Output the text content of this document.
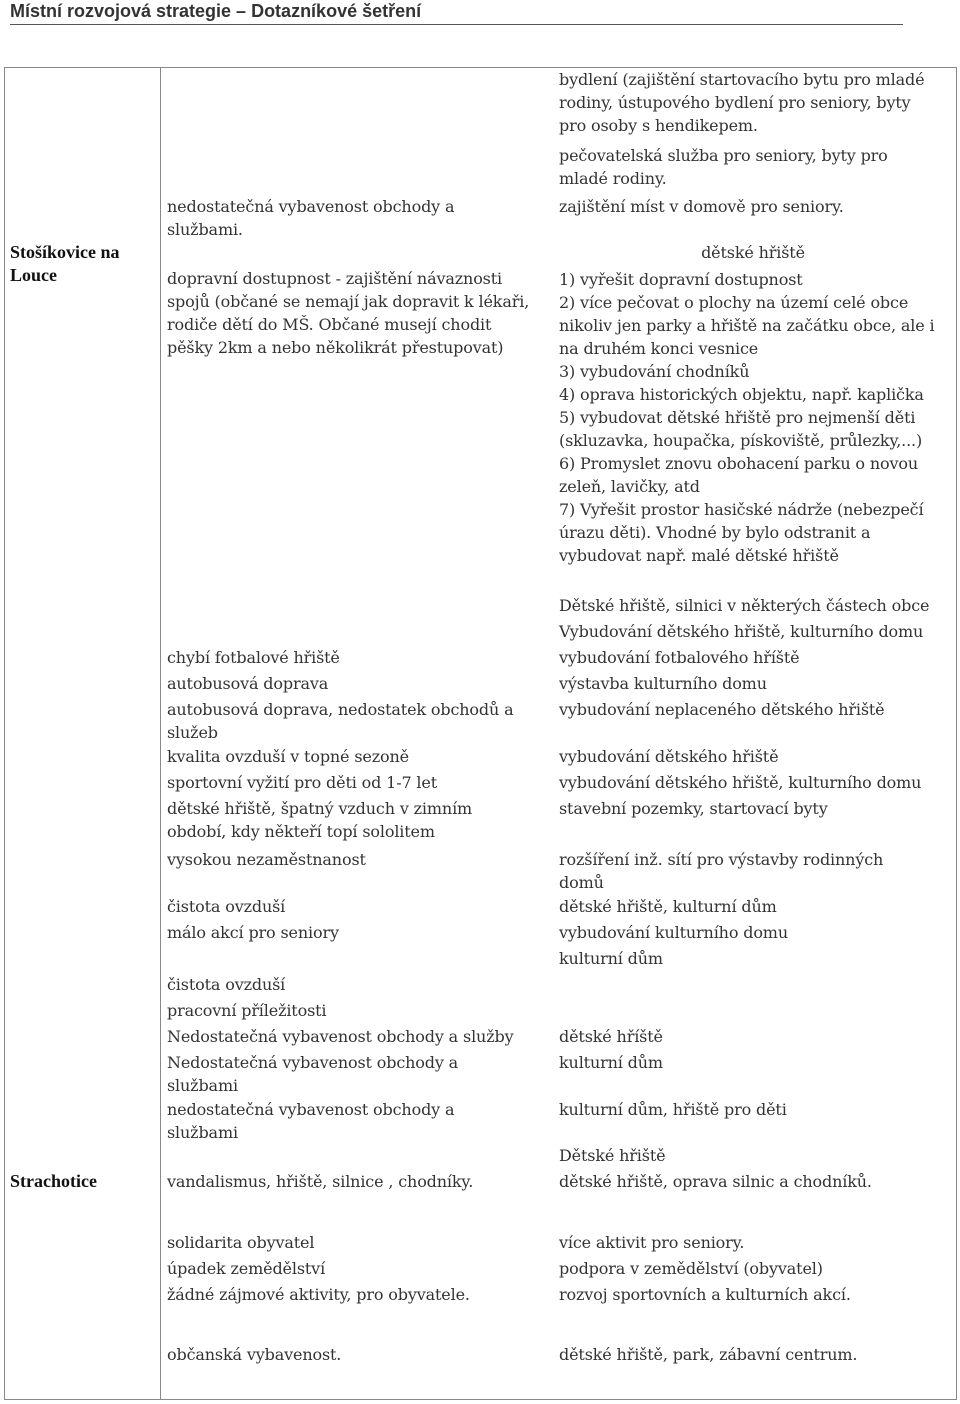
Místní rozvojová strategie – Dotazníkové šetření
Stošíkovice na
Louce
Strachotice
nedostatečná vybavenost obchody a
službami.
dopravní dostupnost - zajištění návaznosti
spojů (občané se nemají jak dopravit k lékaři,
rodiče dětí do MŠ. Občané musejí chodit
pěšky 2km a nebo několikrát přestupovat)
chybí fotbalové hřiště
autobusová doprava
autobusová doprava, nedostatek obchodů a
služeb
kvalita ovzduší v topné sezoně
sportovní vyžití pro děti od 1-7 let
dětské hřiště, špatný vzduch v zimním
období, kdy někteří topí sololitem
vysokou nezaměstnanost
čistota ovzduší
málo akcí pro seniory
čistota ovzduší
pracovní příležitosti
Nedostatečná vybavenost obchody a služby
Nedostatečná vybavenost obchody a
službami
nedostatečná vybavenost obchody a
službami
vandalismus, hřiště, silnice , chodníky.
solidarita obyvatel
úpadek zemědělství
žádné zájmové aktivity, pro obyvatele.
občanská vybavenost.
bydlení (zajištění startovacího bytu pro mladé
rodiny, ústupového bydlení pro seniory, byty
pro osoby s hendikepem.
pečovatelská služba pro seniory, byty pro
mladé rodiny.
zajištění míst v domově pro seniory.
dětské hřiště
1) vyřešit dopravní dostupnost
2) více pečovat o plochy na území celé obce
nikoliv jen parky a hřiště na začátku obce, ale i
na druhém konci vesnice
3) vybudování chodníků
4) oprava historických objektu, např. kaplička
5) vybudovat dětské hřiště pro nejmenší děti
(skluzavka, houpačka, pískoviště, průlezky,...)
6) Promyslet znovu obohacení parku o novou
zeleň, lavičky, atd
7) Vyřešit prostor hasičské nádrže (nebezpečí
úrazu děti). Vhodné by bylo odstranit a
vybudovat např. malé dětské hřiště
Dětské hřiště, silnici v některých částech obce
Vybudování dětského hřiště, kulturního domu
vybudování fotbalového hříště
výstavba kulturního domu
vybudování neplaceného dětského hřiště
vybudování dětského hřiště
vybudování dětského hřiště, kulturního domu
stavební pozemky, startovací byty
rozšíření inž. sítí pro výstavby rodinných
domů
dětské hřiště, kulturní dům
vybudování kulturního domu
kulturní dům
dětské hříště
kulturní dům
kulturní dům, hřiště pro děti
Dětské hřiště
dětské hřiště, oprava silnic a chodníků.
více aktivit pro seniory.
podpora v zemědělství (obyvatel)
rozvoj sportovních a kulturních akcí.
dětské hřiště, park, zábavní centrum.
